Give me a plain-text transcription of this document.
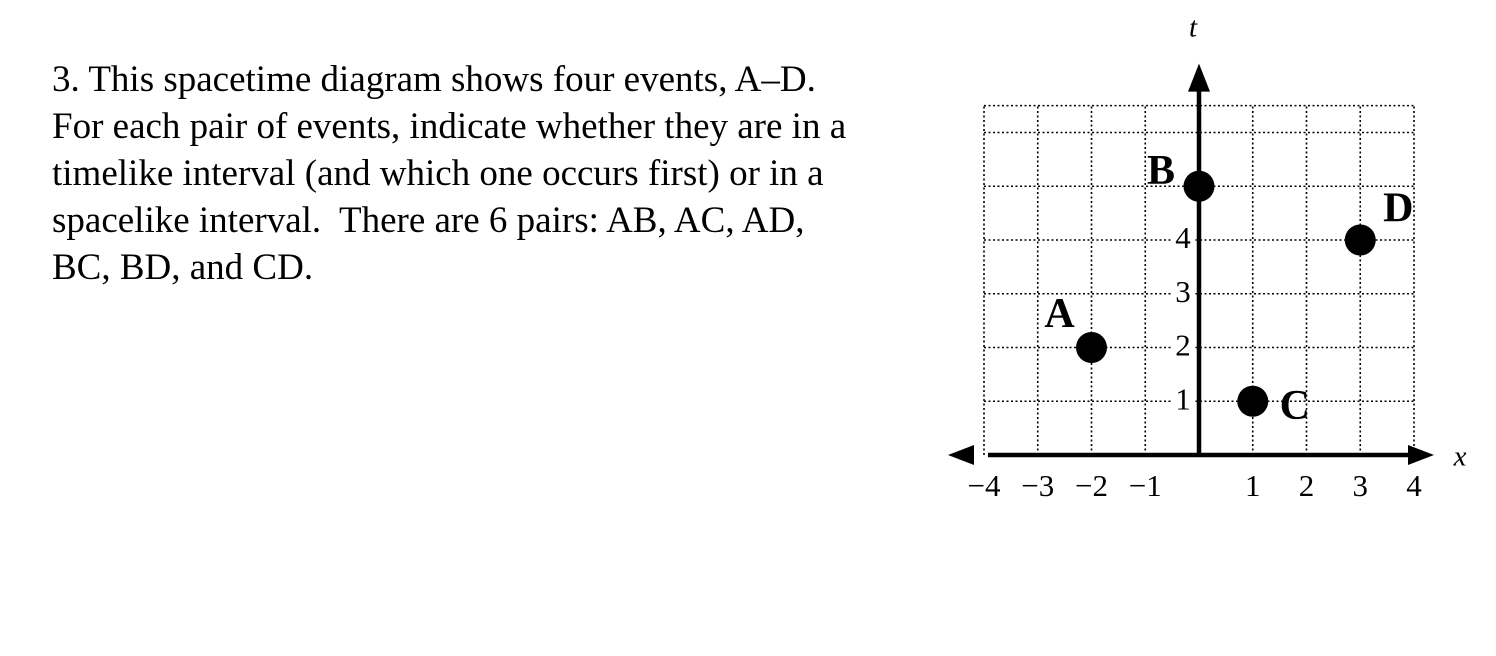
3. This spacetime diagram shows four events, A–D.
For each pair of events, indicate whether they are in a
timelike interval (and which one occurs first) or in a
spacelike interval.  There are 6 pairs: AB, AC, AD,
BC, BD, and CD.
x
t
−4 −3 −2 −1	1 2 3 4
1
2
3
4
A
B
C
D
